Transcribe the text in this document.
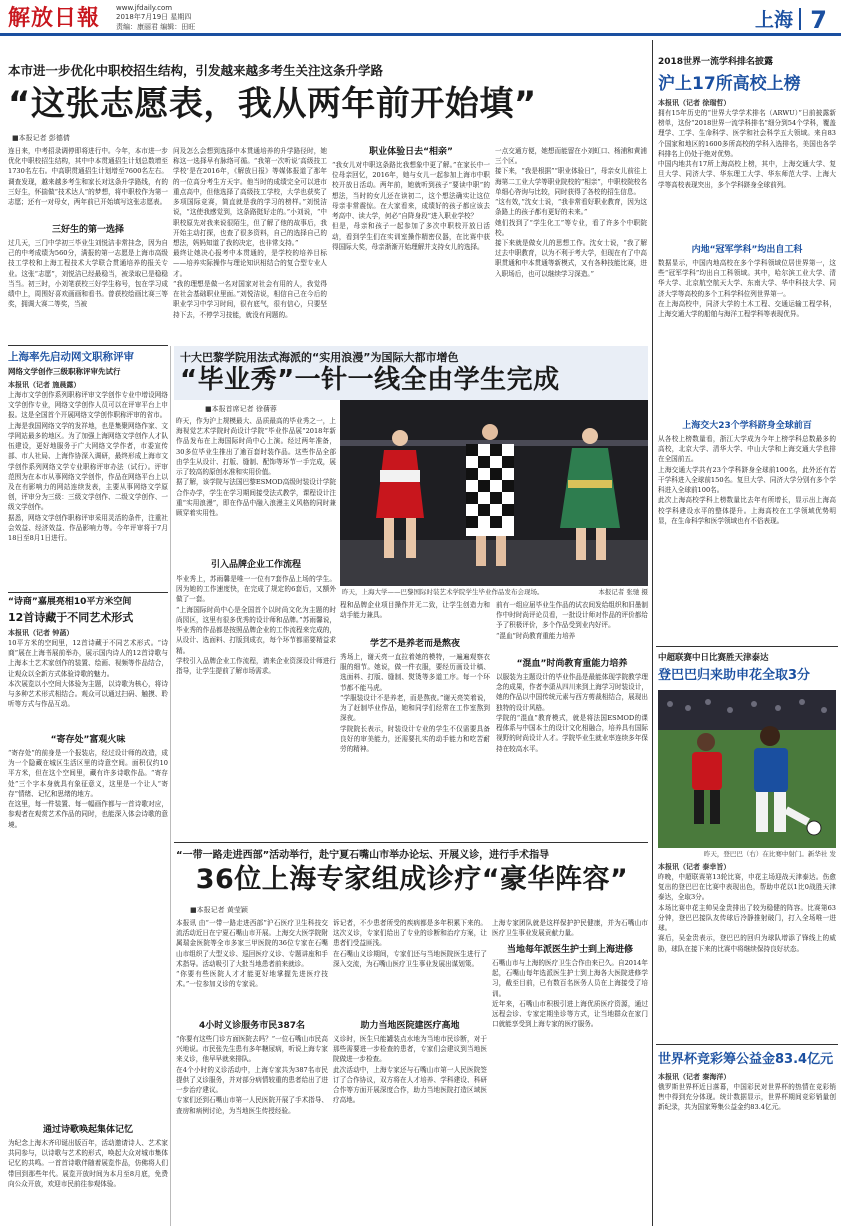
解放日報 www.jfdaily.com
2018年7月19日 星期四
责编：康丽君 编辑：田旺	上海 7
本市进一步优化中职校招生结构，引发越来越多考生关注这条升学路
“这张志愿表，我从两年前开始填”
■本报记者 彭德倩
连日来，中考招录调停即将进行中。今年，本市进一步优化中职校招生结构，其中中本贯通招生计划总数增至1730名左右。中高职贯通招生计划增至7600名左右。调查发现，越来越多考生和家长对这条升学路线，有的三好生，怀揣做“技术达人”的梦想，将中职校作为第一志愿；还有一对母女，两年前已开始填写这张志愿表。
三好生的第一选择
过几天，三门中学初三毕业生刘悦洁非常挂念，因为自己的中考成绩为560分，满报的第一志愿是上海市高级技工学校和上海工程技术大学联合贯通培养的报关专业。这张“志愿”，刘悦洁已经最稳当，被录取已是稳稳当当。初三时，小刘笔获校三好学生称号，包在学习成绩中上，周围好喜欢画画和看书。曾获校绘画比赛三等奖，拥调大赛二等奖，当被
问及怎么会想到选择中本贯通培养的升学路径时，她称这一选择早有脉络可循。“我第一次听说‘高级技工学校’是在2016年，《解放日报》等媒体报道了那年的一位高分考生方天宇。他当时的成绩完全可以进市重点高中，但他选择了高级技工学校，大学也获奖了多项国际竞赛，简直就是我的学习的榜样。”刘悦洁说，“这使我感觉到，这条路挺好走的。”小刘说，“中职校原先对我来说很陌生，但了解了他的故事后，我开始主动打探，也查了很多资料，自己的选择自己的想法，妈妈知道了我的决定，也非常支持。”
最终让她决心报考中本贯通的，是学校的培养目标——培养实际操作与理论知识相结合的复合型专业人才。
“我的理想是做一名对国家对社会有用的人，我觉得在社会基础职业里面。”刘悦洁说，相信自己在今后的职业学习中学习时间，很有底气，很有信心，只要坚持下去，不停学习技能，就没有问题的。
职业体验日去“相亲”
“我女儿对中职这条路比我想象中更了解。”在家长中一位母亲回忆，2016年，她与女儿一起参加上海市中职校开放日活动。两年前，她就听到孩子“要读中职”的想法，当时的女儿还在读初二，这个想法确实让这位母亲非常震惊。在大家看来，成绩好的孩子都应该去考高中、读大学，何必“自降身段”进入职业学校？
但是，母亲和孩子一起参加了多次中职校开放日活动，看到学生们在实训室操作精密仪器，在比赛中获得国际大奖，母亲渐渐开始理解并支持女儿的选择。
一点交通方便，她想而能留在小刘虹口、杨浦和黄浦三个区。
接下来，“我是根据”“职业体验日”，母亲女儿前往上海第二工业大学等职业院校的“相亲”，中职校院校名单细心咨询与比较，同时获得了各校的招生信息。
“这有效，”沈女士说，“我非常看好职业教育，因为这条路上的孩子都有更好的未来。”
她们找到了“学生化工”等专业，看了许多个中职院校。
接下来就是做女儿的思想工作。沈女士说，“我了解过去中职教育，以为不利于考大学，但现在有了中高职贯通和中本贯通等新模式，又有各种技能比赛，进入职场后，也可以继续学习深造。”
上海率先启动网文职称评审
网络文学创作三级职称评审先试行
本报讯（记者 施晨露）
上海市文学创作系列职称评审文学创作专业中增设网络文学创作专业，网络文学创作人员可以在评审平台上申报。这是全国首个开展网络文学创作职称评审的省市。
上海是我国网络文学的发祥地，也是集聚网络作家、文学网站最多的地区。为了加强上海网络文学创作人才队伍建设，更好地服务于广大网络文学作者，市委宣传部、市人社局、上海作协深入调研，最终形成上海市文学创作系列网络文学专业职称评审办法（试行）。评审范围为在本市从事网络文学创作，作品在网络平台上以及在有影响力的网站连续发表，主要从事网络文学原创，评审分为三级：三级文学创作、二级文学创作、一级文学创作。
据悉，网络文学创作职称评审采用灵活的条件，注重社会效益、经济效益、作品影响力等。今年评审将于7月18日至8月1日进行。
“诗商”嘉展亮相10平方米空间
12首诗藏于不同艺术形式
本报讯（记者 钟菡）
10平方米的空间里，12首诗藏于不同艺术形式。“诗商”展在上海书展前举办，展示国内诗人的12首诗歌与上海本土艺术家创作的装置、绘画、视频等作品结合，让观众以全新方式体验诗歌的魅力。
本次展览以小空间大体验为主题，以诗歌为核心，将诗与多种艺术形式相结合。观众可以通过扫码、触摸、聆听等方式与作品互动。
“寄存处”富观火味
“寄存处”的前身是一个报装店，经过设计师的改造，成为一个隐藏在城区生活区里的诗意空间。面积仅约10平方米，但在这个空间里，藏有许多诗歌作品。“寄存处”三个字本身就具有象征意义，这里是一个让人“寄存”情绪、记忆和思绪的地方。
在这里，每一件装置、每一幅画作都与一首诗歌对应，参观者在观赏艺术作品的同时，也能深入体会诗歌的意境。
通过诗歌唤起集体记忆
为纪念上海木齐印诞出版百年，活动邀请诗人、艺术家共同参与，以诗歌与艺术的形式，唤起大众对城市集体记忆的共鸣。一首首诗歌伴随着展览作品，仿佛将人们带回到那些年代。展览开放时间为本月至8月底，免费向公众开放，欢迎市民前往参观体验。
十大巴黎学院用法式海派的“实用浪漫”为国际大都市增色
“毕业秀”一针一线全由学生完成
■本报首席记者 徐蒨蓉
昨天，作为沪上规模最大、品质最高的毕业秀之一，上海视觉艺术学院时尚设计学院“毕业作品展”2018年新作品发布在上海国际时尚中心上演。经过两年准备，30多位毕业生推出了逾百套时装作品。这些作品全部由学生从设计、打版、缝制、配饰等环节一手完成，展示了较高的原创水准和实用价值。
据了解，该学院与法国巴黎ESMOD高级时装设计学院合作办学，学生在学习期间接受法式教学，课程设计注重“实用浪漫”，即在作品中融入浪漫主义风格的同时兼顾穿着实用性。
引入品牌企业工作流程
毕业秀上，苏雨馨是唯一一位有7套作品上场的学生。因为她的工作速度快，在完成了规定的6套后，又额外做了一套。
“上海国际时尚中心是全国首个以时尚文化为主题的时尚园区，这里有很多优秀的设计师和品牌。”苏雨馨说，毕业秀的作品都是按照品牌企业的工作流程来完成的，从设计、选面料、打版到成衣，每个环节都需要精益求精。
学校引入品牌企业工作流程，请来企业资深设计师进行指导，让学生提前了解市场需求。
昨天，上海大学——巴黎国际时装艺术学院学生毕业作品发布会现场。	本报记者 张驰 摄
程和品牌企业项目操作并无二致，让学生创造力和动手能力兼具。
学艺不是养老而是熬夜
秀场上，谢天亮一直拉着她的模特，一遍遍观察衣服的细节。她说，做一件衣服，要经历画设计稿、选面料、打版、缝制、熨烫等多道工序。每一个环节都不能马虎。
“学服装设计不是养老，而是熬夜。”谢天亮笑着说，为了赶制毕业作品，她和同学们经常在工作室熬到深夜。
学院院长表示，时装设计专业的学生不仅需要具备良好的审美能力，还需要扎实的动手能力和吃苦耐劳的精神。
前有一组应届毕业生作品的试衣间发给组织和旧墨制作中时时尚评论员看，一批设计师对作品的评价都给予了积极评价，多个作品受到业内好评。
“混血”时尚教育重能力培养
“混血”时尚教育重能力培养
以服装为主题设计的毕业作品是最能体现学院教学理念的成果，作者李潇从四川来到上海学习时装设计，她的作品以中国传统元素与西方剪裁相结合，展现出独特的设计风格。
学院的“混血”教育模式，就是将法国ESMOD的课程体系与中国本土的设计文化相融合，培养具有国际视野的时尚设计人才。学院毕业生就业率连续多年保持在较高水平。
“一带一路走进西部”活动举行，赴宁夏石嘴山市举办论坛、开展义诊，进行手术指导
36位上海专家组成诊疗“豪华阵容”
■本报记者 黄莹颖
本报讯 由“一带一路走进西部”沪石医疗卫生科技交流活动近日在宁夏石嘴山市开展。上海交大医学院附属瑞金医院等全市多家三甲医院的36位专家在石嘴山市组织了大型义诊、巡回医疗义诊、专题讲座和手术指导。活动吸引了大批当地患者前来就诊。
“你要有些医院人才才能更好地掌握先进医疗技术。”一位参加义诊的专家说。
4小时义诊服务市民387名
“你要有这些门诊方面医院去吗？”一位石嘴山市民高兴地说。市民张先生患有多年糖尿病，听说上海专家来义诊，他早早就来排队。
在4个小时的义诊活动中，上海专家共为387名市民提供了义诊服务，并对部分病情较重的患者给出了进一步治疗建议。
专家们还到石嘴山市第一人民医院开展了手术指导、查房和病例讨论，为当地医生传授经验。
诉记者，不少患者所受的疾病都是多年积累下来的。这次义诊，专家们给出了专业的诊断和治疗方案，让患者们受益匪浅。
在石嘴山义诊期间，专家们还与当地医院医生进行了深入交流，为石嘴山医疗卫生事业发展出谋划策。
助力当地医院建医疗高地
义诊时，医生只能罐装点水地为当地市民诊断，对于那些需要进一步检查的患者，专家们会建议到当地医院做进一步检查。
此次活动中，上海专家还与石嘴山市第一人民医院签订了合作协议，双方将在人才培养、学科建设、科研合作等方面开展深度合作，助力当地医院打造区域医疗高地。
上海专家团队就是这样保护护民健康，并为石嘴山市医疗卫生事业发展贡献力量。
当地每年派医生护士到上海进修
石嘴山市与上海的医疗卫生合作由来已久。自2014年起，石嘴山每年选派医生护士到上海各大医院进修学习，截至目前，已有数百名医务人员在上海接受了培训。
近年来，石嘴山市积极引进上海优质医疗资源，通过远程会诊、专家定期坐诊等方式，让当地群众在家门口就能享受到上海专家的医疗服务。
2018世界一流学科排名披露
沪上17所高校上榜
本报讯（记者 徐瑞哲）
拥有15年历史的“世界大学学术排名（ARWU）”日前披露新榜单，这份“2018世界一流学科排名”细分到54个学科，覆盖理学、工学、生命科学、医学和社会科学五大领域。来自83个国家和地区的1600多所高校的学科入选排名，美国也各学科排名上仍处于绝对优势。
中国内地共有17所上海高校上榜，其中，上海交通大学、复旦大学、同济大学、华东理工大学、华东师范大学、上海大学等高校表现突出，多个学科跻身全球前列。
内地“冠军学科”均出自工科
数据显示，中国内地高校在多个学科领域位居世界第一，这些“冠军学科”均出自工科领域。其中，哈尔滨工业大学、清华大学、北京航空航天大学、东南大学、华中科技大学、同济大学等高校的多个工科学科位列世界第一。
在上海高校中，同济大学的土木工程、交通运输工程学科，上海交通大学的船舶与海洋工程学科等表现优异。
上海交大23个学科跻身全球前百
从各校上榜数量看，浙江大学成为今年上榜学科总数最多的高校，北京大学、清华大学、中山大学和上海交通大学也排在全国前五。
上海交通大学共有23个学科跻身全球前100名，此外还有若干学科进入全球前150名。复旦大学、同济大学分别有多个学科进入全球前100名。
此次上海高校学科上榜数量比去年有所增长，显示出上海高校学科建设水平的整体提升。上海高校在工学领域优势明显，在生命科学和医学领域也有不俗表现。
中超联赛中日比赛胜天津泰达
登巴巴归来助申花全取3分
昨天，登巴巴（右）在比赛中射门。新华社 发
本报讯（记者 泰幸旨）
昨晚，中超联赛第13轮比赛，申花主场迎战天津泰达。伤愈复出的登巴巴在比赛中表现出色，帮助申花以1比0战胜天津泰达，全取3分。
本场比赛申花主帅吴金贵排出了较为稳健的阵容。比赛第63分钟，登巴巴接队友传球后冷静推射破门，打入全场唯一进球。
赛后，吴金贵表示，登巴巴的回归为球队增添了锋线上的威胁，球队在接下来的比赛中将继续保持良好状态。
世界杯竞彩筹公益金83.4亿元
本报讯（记者 秦海洋）
俄罗斯世界杯近日落幕，中国彩民对世界杯的热情在竞彩销售中得到充分体现。统计数据显示，世界杯期间竞彩销量创新纪录，共为国家筹集公益金约83.4亿元。
